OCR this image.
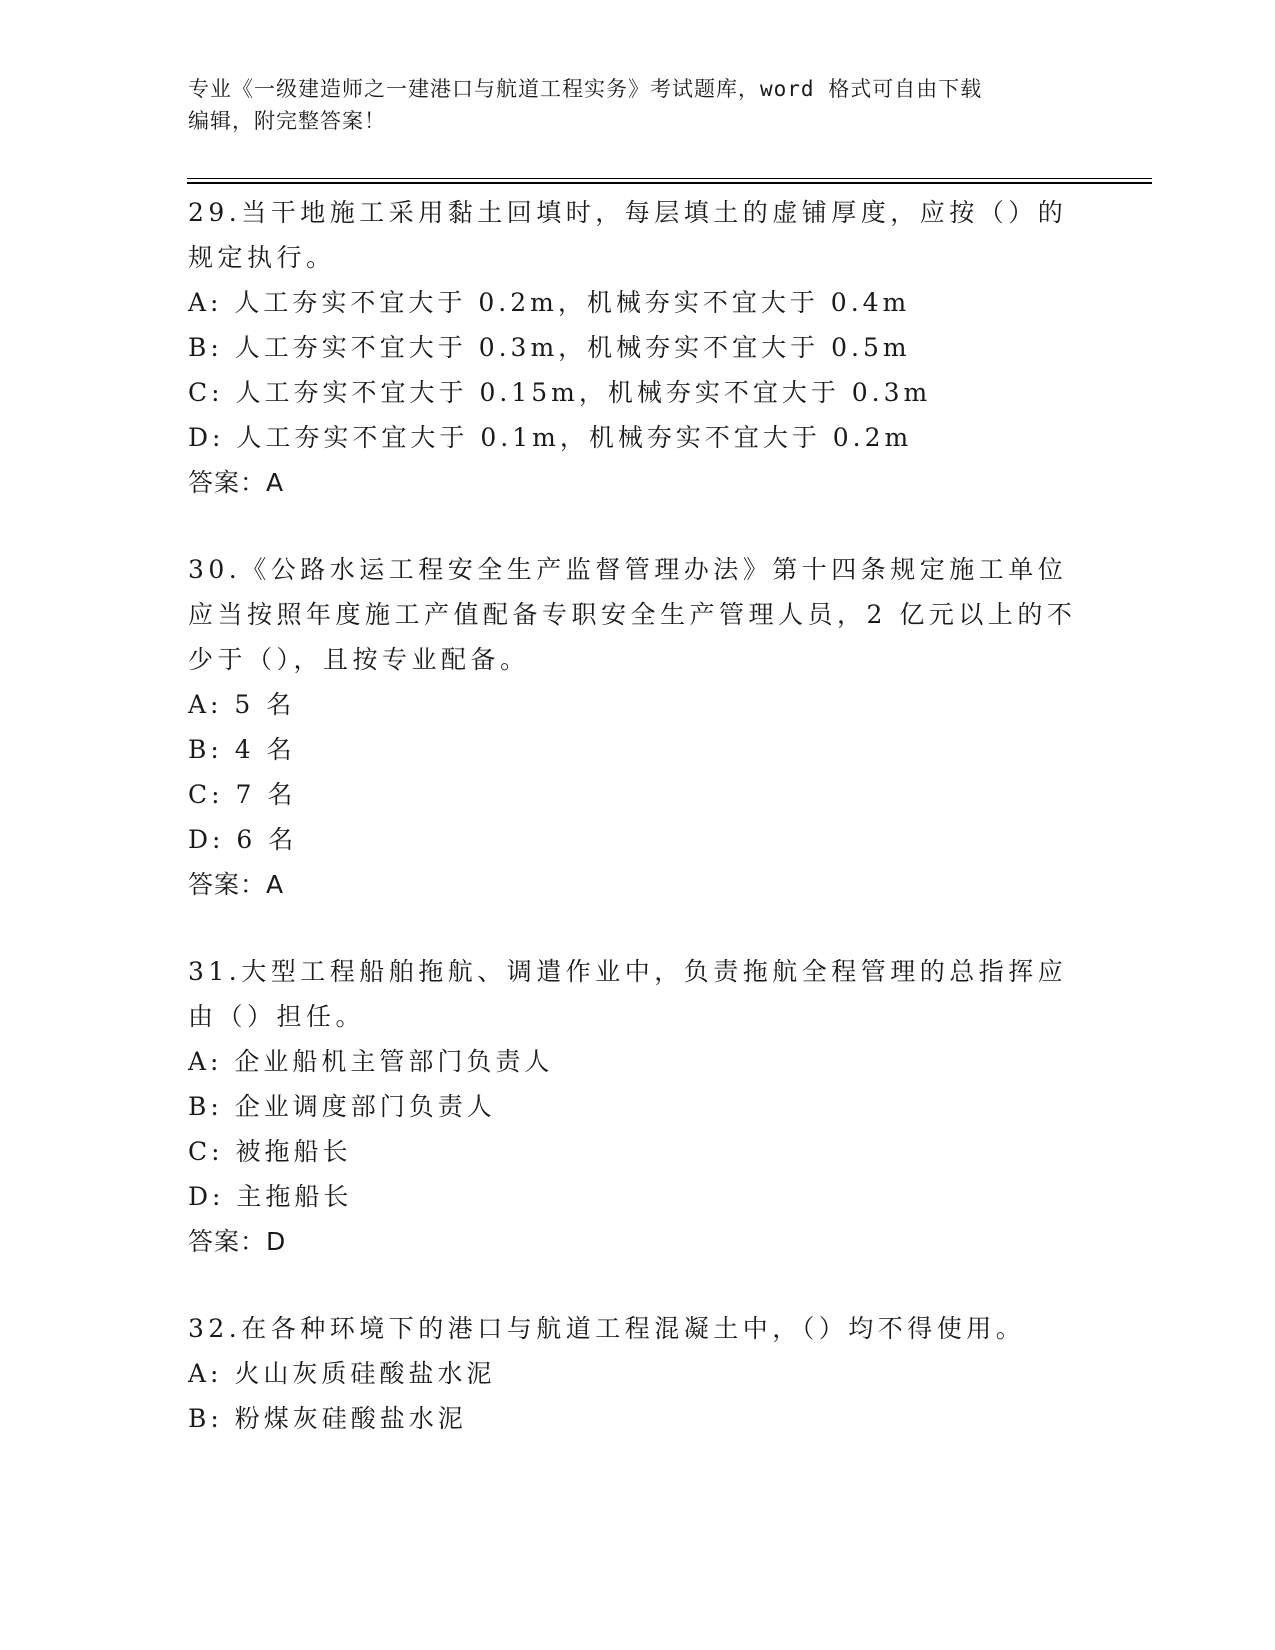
专业《一级建造师之一建港口与航道工程实务》考试题库，word 格式可自由下载
编辑，附完整答案！

29.当干地施工采用黏土回填时，每层填土的虚铺厚度，应按（）的规定执行。

A: 人工夯实不宜大于 0.2m，机械夯实不宜大于 0.4m

B: 人工夯实不宜大于 0.3m，机械夯实不宜大于 0.5m

C: 人工夯实不宜大于 0.15m，机械夯实不宜大于 0.3m

D: 人工夯实不宜大于 0.1m，机械夯实不宜大于 0.2m

答案：A

30.《公路水运工程安全生产监督管理办法》第十四条规定施工单位应当按照年度施工产值配备专职安全生产管理人员，2 亿元以上的不少于（），且按专业配备。

A: 5 名

B: 4 名

C: 7 名

D: 6 名

答案：A

31.大型工程船舶拖航、调遣作业中，负责拖航全程管理的总指挥应由（）担任。

A: 企业船机主管部门负责人

B: 企业调度部门负责人

C: 被拖船长

D: 主拖船长

答案：D

32.在各种环境下的港口与航道工程混凝土中，（）均不得使用。

A: 火山灰质硅酸盐水泥

B: 粉煤灰硅酸盐水泥
